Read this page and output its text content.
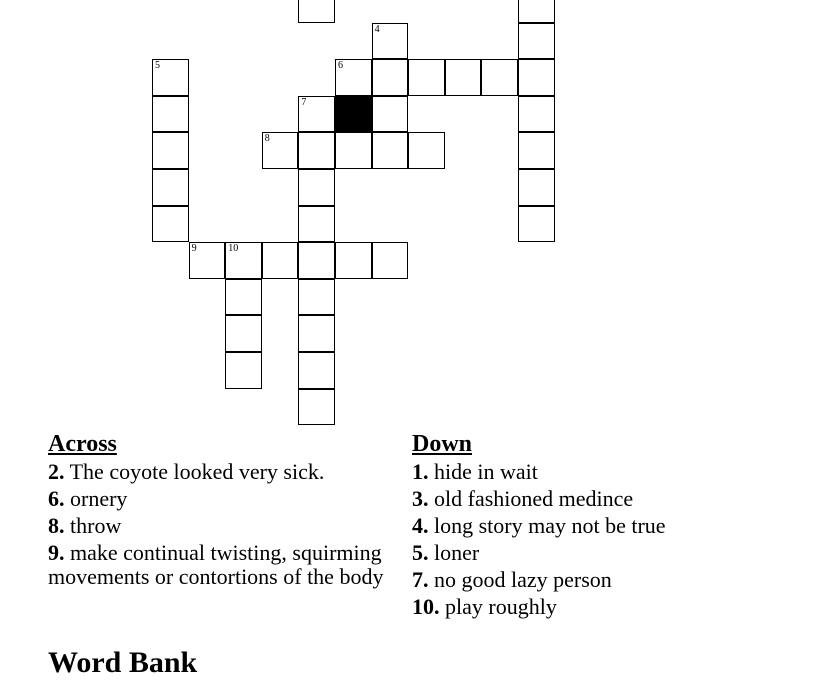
4
5	6
7
8
9	10
Across
2. The coyote looked very sick.
6. ornery
8. throw
9. make continual twisting, squirming movements or contortions of the body
Down
1. hide in wait
3. old fashioned medince
4. long story may not be true
5. loner
7. no good lazy person
10. play roughly
Word Bank
